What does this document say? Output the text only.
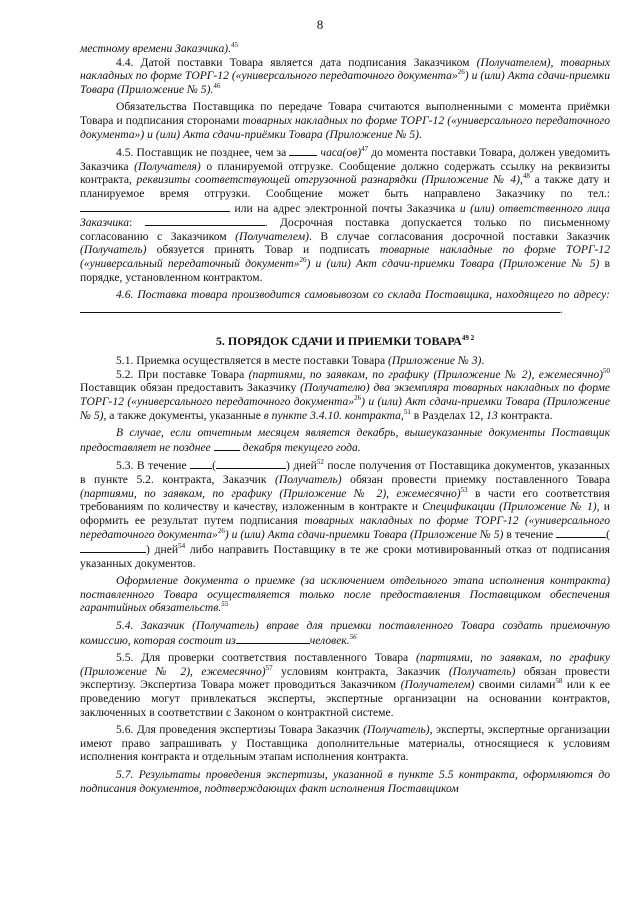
8

местному времени Заказчика).$^{45}$

4.4. Датой поставки Товара является дата подписания Заказчиком (Получателем), товарных накладных по форме ТОРГ-12 («универсального передаточного документа»$^{26}$) и (или) Акта сдачи-приемки Товара (Приложение № 5).$^{46}$

Обязательства Поставщика по передаче Товара считаются выполненными с момента приёмки Товара и подписания сторонами товарных накладных по форме ТОРГ-12 («универсального передаточного документа») и (или) Акта сдачи-приёмки Товара (Приложение № 5).

4.5. Поставщик не позднее, чем за  часа(ов)$^{47}$ до момента поставки Товара, должен уведомить Заказчика (Получателя) о планируемой отгрузке. Сообщение должно содержать ссылку на реквизиты контракта, реквизиты соответствующей отгрузочной разнарядки (Приложение № 4),$^{48}$ а также дату и планируемое время отгрузки. Сообщение может быть направлено Заказчику по тел.: или на адрес электронной почты Заказчика и (или) ответственного лица Заказчика:	. Досрочная поставка допускается только по письменному согласованию с Заказчиком (Получателем). В случае согласования досрочной поставки Заказчик (Получатель) обязуется принять Товар и подписать товарные накладные по форме ТОРГ-12 («универсальный передаточный документ»$^{26}$) и (или) Акт сдачи-приемки Товара (Приложение № 5) в порядке, установленном контрактом.

4.6. Поставка товара производится самовывозом со склада Поставщика, находящего по адресу:.

5. ПОРЯДОК СДАЧИ И ПРИЕМКИ $ТОВАРА^{49 2}$

5.1. Приемка осуществляется в месте поставки Товара (Приложение № 3).

5.2. При поставке Товара (партиями, по заявкам, по графику (Приложение № 2), ежемесячно)$^{50}$ Поставщик обязан предоставить Заказчику (Получателю) два экземпляра товарных накладных по форме ТОРГ-12 («универсального передаточного документа»$^{26}$) и (или) Акт сдачи-приемки Товара (Приложение № 5), а также документы, указанные в пункте 3.4.10. контракта,$^{51}$ в Разделах 12, 13 контракта.

В случае, если отчетным месяцем является декабрь, вышеуказанные документы Поставщик предоставляет не позднее  декабря текущего года.

5.3. В течение (	) дней$^{52}$ после получения от Поставщика документов, указанных в пункте 5.2. контракта, Заказчик (Получатель) обязан провести приемку поставленного Товара (партиями, по заявкам, по графику (Приложение № 2), ежемесячно)$^{53}$ в части его соответствия требованиям по количеству и качеству, изложенным в контракте и Спецификации (Приложение № 1), и оформить ее результат путем подписания товарных накладных по форме ТОРГ-12 («универсального передаточного документа»$^{26}$) и (или) Акта сдачи-приемки Товара (Приложение № 5) в течение	() дней$^{54}$ либо направить Поставщику в те же сроки мотивированный отказ от подписания указанных документов.

Оформление документа о приемке (за исключением отдельного этапа исполнения контракта) поставленного Товара осуществляется только после предоставления Поставщиком обеспечения гарантийных обязательств.$^{55}$

5.4. Заказчик (Получатель) вправе для приемки поставленного Товара создать приемочную комиссию, которая состоит из	человек.$^{56}$

5.5. Для проверки соответствия поставленного Товара (партиями, по заявкам, по графику (Приложение № 2), ежемесячно)$^{57}$ условиям контракта, Заказчик (Получатель) обязан провести экспертизу. Экспертиза Товара может проводиться Заказчиком (Получателем) своими силами$^{58}$ или к ее проведению могут привлекаться эксперты, экспертные организации на основании контрактов, заключенных в соответствии с Законом о контрактной системе.

5.6. Для проведения экспертизы Товара Заказчик (Получатель), эксперты, экспертные организации имеют право запрашивать у Поставщика дополнительные материалы, относящиеся к условиям исполнения контракта и отдельным этапам исполнения контракта.

5.7. Результаты проведения экспертизы, указанной в пункте 5.5 контракта, оформляются до подписания документов, подтверждающих факт исполнения Поставщиком
